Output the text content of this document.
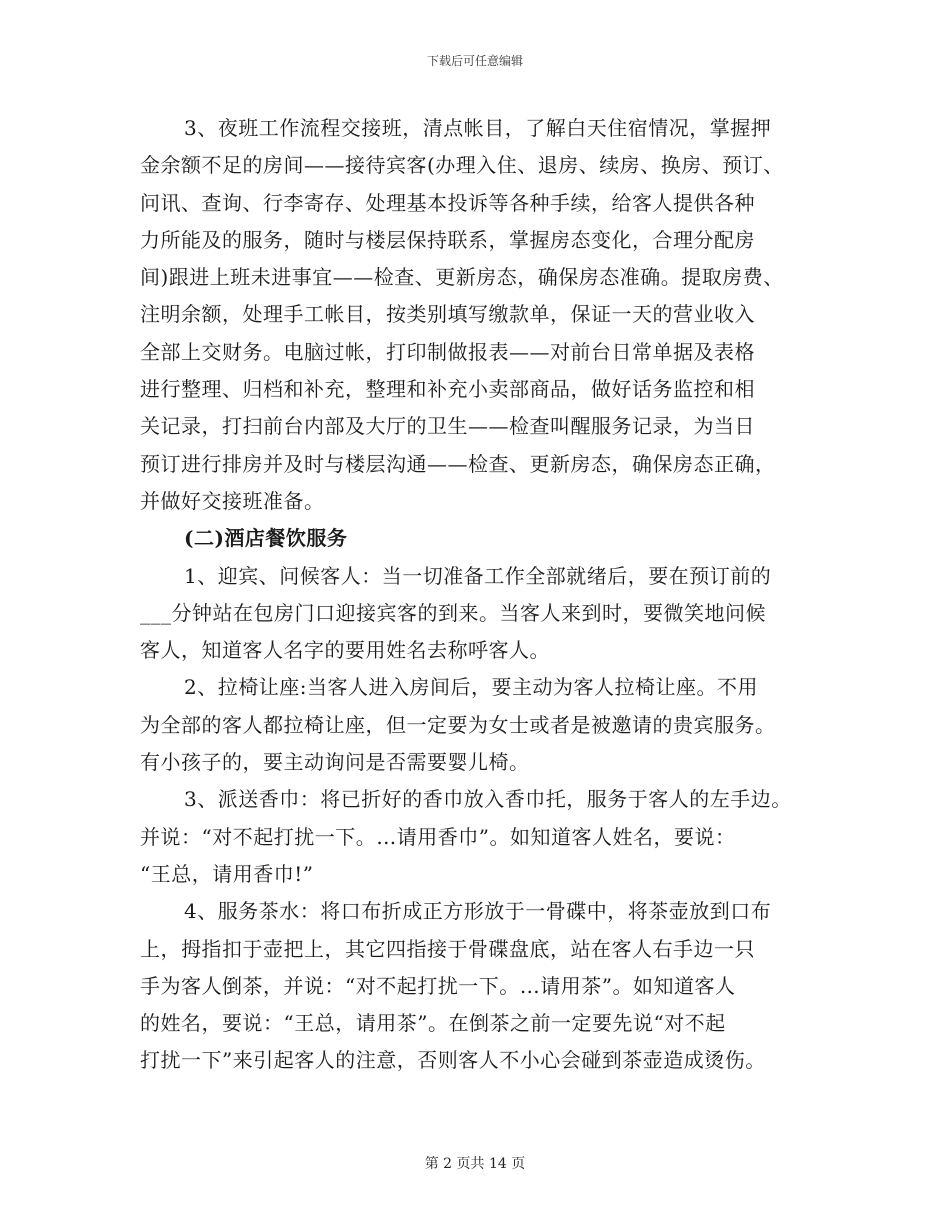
下载后可任意编辑
3、夜班工作流程交接班，清点帐目，了解白天住宿情况，掌握押
金余额不足的房间——接待宾客(办理入住、退房、续房、换房、预订、
问讯、查询、行李寄存、处理基本投诉等各种手续，给客人提供各种
力所能及的服务，随时与楼层保持联系，掌握房态变化，合理分配房
间)跟进上班未进事宜——检查、更新房态，确保房态准确。提取房费、
注明余额，处理手工帐目，按类别填写缴款单，保证一天的营业收入
全部上交财务。电脑过帐，打印制做报表——对前台日常单据及表格
进行整理、归档和补充，整理和补充小卖部商品，做好话务监控和相
关记录，打扫前台内部及大厅的卫生——检查叫醒服务记录，为当日
预订进行排房并及时与楼层沟通——检查、更新房态，确保房态正确，
并做好交接班准备。
(二)酒店餐饮服务
1、迎宾、问候客人：当一切准备工作全部就绪后，要在预订前的
___分钟站在包房门口迎接宾客的到来。当客人来到时，要微笑地问候
客人，知道客人名字的要用姓名去称呼客人。
2、拉椅让座:当客人进入房间后，要主动为客人拉椅让座。不用
为全部的客人都拉椅让座，但一定要为女士或者是被邀请的贵宾服务。
有小孩子的，要主动询问是否需要婴儿椅。
3、派送香巾：将已折好的香巾放入香巾托，服务于客人的左手边。
并说：“对不起打扰一下。…请用香巾”。如知道客人姓名，要说：
“王总，请用香巾!”
4、服务茶水：将口布折成正方形放于一骨碟中，将茶壶放到口布
上，拇指扣于壶把上，其它四指接于骨碟盘底，站在客人右手边一只
手为客人倒茶，并说：“对不起打扰一下。…请用茶”。如知道客人
的姓名，要说：“王总，请用茶”。在倒茶之前一定要先说“对不起
打扰一下”来引起客人的注意，否则客人不小心会碰到茶壶造成烫伤。
第 2 页共 14 页
